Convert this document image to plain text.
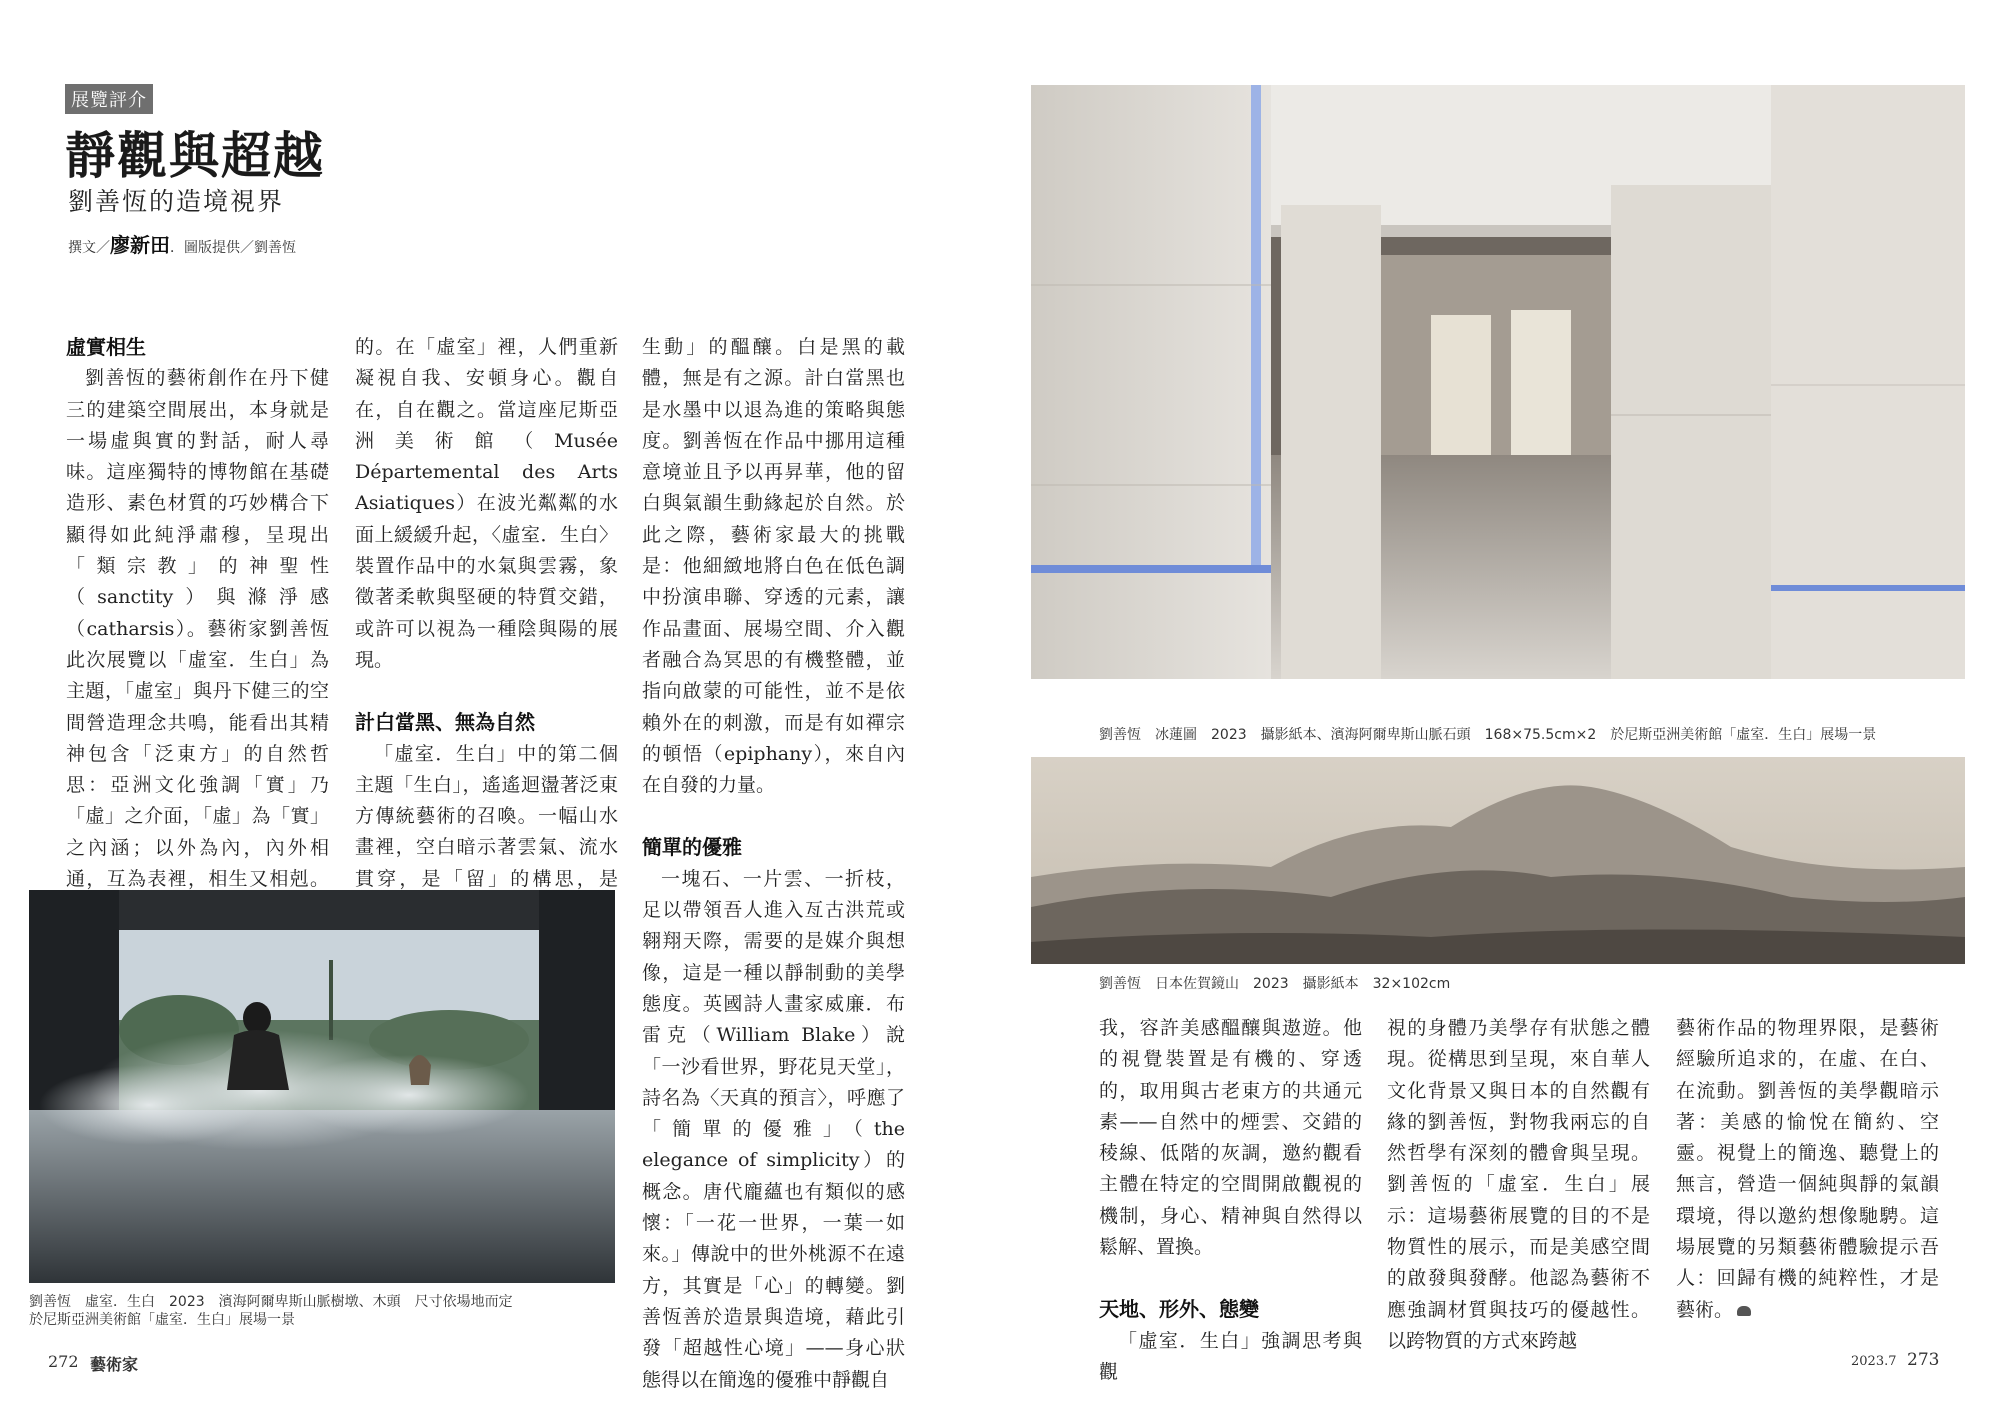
展覽評介
靜觀與超越
劉善恆的造境視界
撰文／廖新田．圖版提供／劉善恆
虛實相生

劉善恆的藝術創作在丹下健三的建築空間展出，本身就是一場虛與實的對話，耐人尋味。這座獨特的博物館在基礎造形、素色材質的巧妙構合下顯得如此純淨肅穆，呈現出「類宗教」的神聖性（sanctity）與滌淨感（catharsis）。藝術家劉善恆此次展覽以「虛室．生白」為主題，「虛室」與丹下健三的空間營造理念共鳴，能看出其精神包含「泛東方」的自然哲思：亞洲文化強調「實」乃「虛」之介面，「虛」為「實」之內涵；以外為內，內外相通，互為表裡，相生又相剋。

的。在「虛室」裡，人們重新凝視自我、安頓身心。觀自在，自在觀之。當這座尼斯亞洲美術館（Musée Départemental des Arts Asiatiques）在波光粼粼的水面上緩緩升起，〈虛室．生白〉裝置作品中的水氣與雲霧，象徵著柔軟與堅硬的特質交錯，或許可以視為一種陰與陽的展現。

計白當黑、無為自然

「虛室．生白」中的第二個主題「生白」，遙遙迴盪著泛東方傳統藝術的召喚。一幅山水畫裡，空白暗示著雲氣、流水貫穿，是「留」的構思，是

生動」的醞釀。白是黑的載體，無是有之源。計白當黑也是水墨中以退為進的策略與態度。劉善恆在作品中挪用這種意境並且予以再昇華，他的留白與氣韻生動緣起於自然。於此之際，藝術家最大的挑戰是：他細緻地將白色在低色調中扮演串聯、穿透的元素，讓作品畫面、展場空間、介入觀者融合為冥思的有機整體，並指向啟蒙的可能性，並不是依賴外在的刺激，而是有如禪宗的頓悟（epiphany），來自內在自發的力量。

簡單的優雅

一塊石、一片雲、一折枝，足以帶領吾人進入亙古洪荒或翱翔天際，需要的是媒介與想像，這是一種以靜制動的美學態度。英國詩人畫家威廉．布雷克（William Blake）說「一沙看世界，野花見天堂」，詩名為〈天真的預言〉，呼應了「簡單的優雅」（the elegance of simplicity）的概念。唐代龐蘊也有類似的感懷：「一花一世界，一葉一如來。」傳說中的世外桃源不在遠方，其實是「心」的轉變。劉善恆善於造景與造境，藉此引發「超越性心境」——身心狀態得以在簡逸的優雅中靜觀自

劉善恆　虛室．生白　2023　濱海阿爾卑斯山脈樹墩、木頭　尺寸依場地而定
於尼斯亞洲美術館「虛室．生白」展場一景
272 藝術家
劉善恆　冰蓮圖　2023　攝影紙本、濱海阿爾卑斯山脈石頭　168×75.5cm×2　於尼斯亞洲美術館「虛室．生白」展場一景
劉善恆　日本佐賀鏡山　2023　攝影紙本　32×102cm

我，容許美感醞釀與遨遊。他的視覺裝置是有機的、穿透的，取用與古老東方的共通元素——自然中的煙雲、交錯的稜線、低階的灰調，邀約觀看主體在特定的空間開啟觀視的機制，身心、精神與自然得以鬆解、置換。

天地、形外、態變

「虛室．生白」強調思考與觀

視的身體乃美學存有狀態之體現。從構思到呈現，來自華人文化背景又與日本的自然觀有緣的劉善恆，對物我兩忘的自然哲學有深刻的體會與呈現。劉善恆的「虛室．生白」展示：這場藝術展覽的目的不是物質性的展示，而是美感空間的啟發與發酵。他認為藝術不應強調材質與技巧的優越性。以跨物質的方式來跨越

藝術作品的物理界限，是藝術經驗所追求的，在虛、在白、在流動。劉善恆的美學觀暗示著：美感的愉悅在簡約、空靈。視覺上的簡逸、聽覺上的無言，營造一個純與靜的氣韻環境，得以邀約想像馳騁。這場展覽的另類藝術體驗提示吾人：回歸有機的純粹性，才是藝術。

2023.7 273
